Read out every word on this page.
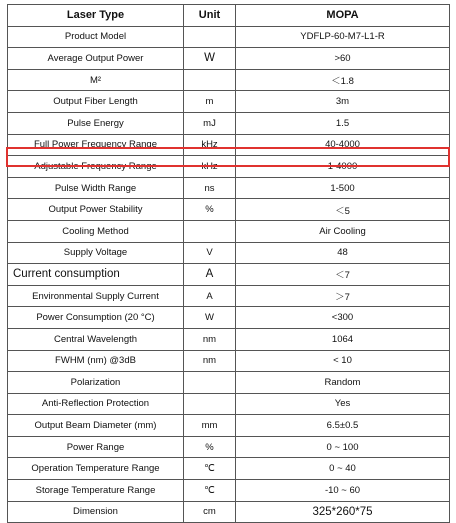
Laser Type	Unit	MOPA
Product Model		YDFLP-60-M7-L1-R
Average Output Power	W	>60
M²		＜1.8
Output Fiber Length	m	3m
Pulse Energy	mJ	1.5
Full Power Frequency Range	kHz	40-4000
Adjustable Frequency Range	kHz	1-4000
Pulse Width Range	ns	1-500
Output Power Stability	%	＜5
Cooling Method		Air Cooling
Supply Voltage	V	48
Current consumption	A	＜7
Environmental Supply Current	A	＞7
Power Consumption (20 °C)	W	<300
Central Wavelength	nm	1064
FWHM (nm) @3dB	nm	< 10
Polarization		Random
Anti-Reflection Protection		Yes
Output Beam Diameter (mm)	mm	6.5±0.5
Power Range	%	0 ~ 100
Operation Temperature Range	℃	0 ~ 40
Storage Temperature Range	℃	-10 ~ 60
Dimension	cm	325*260*75
